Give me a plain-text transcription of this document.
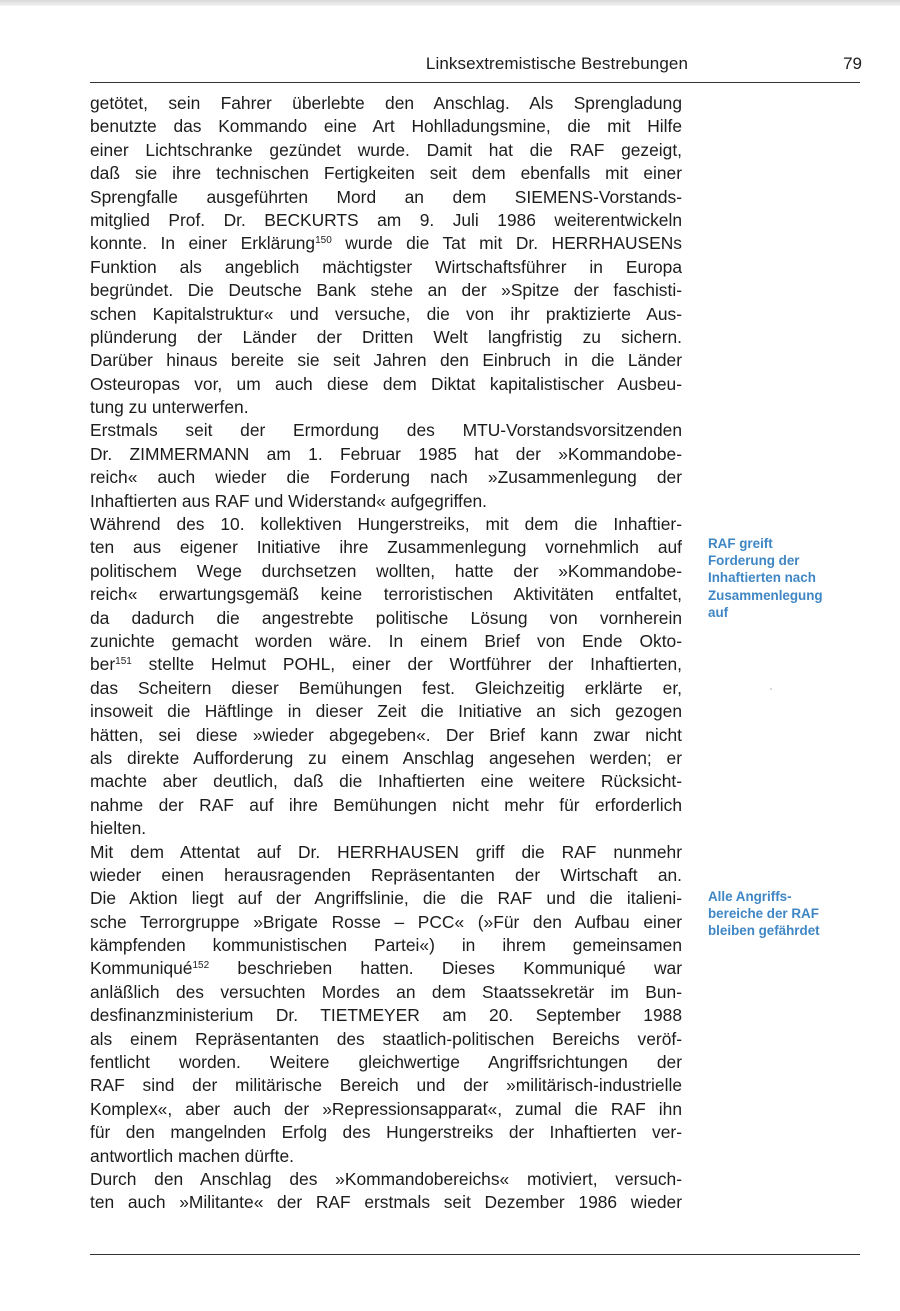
Linksextremistische Bestrebungen	79
getötet, sein Fahrer überlebte den Anschlag. Als Sprengladung
benutzte das Kommando eine Art Hohlladungsmine, die mit Hilfe
einer Lichtschranke gezündet wurde. Damit hat die RAF gezeigt,
daß sie ihre technischen Fertigkeiten seit dem ebenfalls mit einer
Sprengfalle ausgeführten Mord an dem SIEMENS-Vorstands-
mitglied Prof. Dr. BECKURTS am 9. Juli 1986 weiterentwickeln
konnte. In einer Erklärung$^{150}$ wurde die Tat mit Dr. HERRHAUSENs
Funktion als angeblich mächtigster Wirtschaftsführer in Europa
begründet. Die Deutsche Bank stehe an der »Spitze der faschisti-
schen Kapitalstruktur« und versuche, die von ihr praktizierte Aus-
plünderung der Länder der Dritten Welt langfristig zu sichern.
Darüber hinaus bereite sie seit Jahren den Einbruch in die Länder
Osteuropas vor, um auch diese dem Diktat kapitalistischer Ausbeu-
tung zu unterwerfen.
Erstmals seit der Ermordung des MTU-Vorstandsvorsitzenden
Dr. ZIMMERMANN am 1. Februar 1985 hat der »Kommandobe-
reich« auch wieder die Forderung nach »Zusammenlegung der
Inhaftierten aus RAF und Widerstand« aufgegriffen.
Während des 10. kollektiven Hungerstreiks, mit dem die Inhaftier-
ten aus eigener Initiative ihre Zusammenlegung vornehmlich auf
politischem Wege durchsetzen wollten, hatte der »Kommandobe-
reich« erwartungsgemäß keine terroristischen Aktivitäten entfaltet,
da dadurch die angestrebte politische Lösung von vornherein
zunichte gemacht worden wäre. In einem Brief von Ende Okto-
ber$^{151}$ stellte Helmut POHL, einer der Wortführer der Inhaftierten,
das Scheitern dieser Bemühungen fest. Gleichzeitig erklärte er,
insoweit die Häftlinge in dieser Zeit die Initiative an sich gezogen
hätten, sei diese »wieder abgegeben«. Der Brief kann zwar nicht
als direkte Aufforderung zu einem Anschlag angesehen werden; er
machte aber deutlich, daß die Inhaftierten eine weitere Rücksicht-
nahme der RAF auf ihre Bemühungen nicht mehr für erforderlich
hielten.
Mit dem Attentat auf Dr. HERRHAUSEN griff die RAF nunmehr
wieder einen herausragenden Repräsentanten der Wirtschaft an.
Die Aktion liegt auf der Angriffslinie, die die RAF und die italieni-
sche Terrorgruppe »Brigate Rosse – PCC« (»Für den Aufbau einer
kämpfenden kommunistischen Partei«) in ihrem gemeinsamen
Kommuniqué$^{152}$ beschrieben hatten. Dieses Kommuniqué war
anläßlich des versuchten Mordes an dem Staatssekretär im Bun-
desfinanzministerium Dr. TIETMEYER am 20. September 1988
als einem Repräsentanten des staatlich-politischen Bereichs veröf-
fentlicht worden. Weitere gleichwertige Angriffsrichtungen der
RAF sind der militärische Bereich und der »militärisch-industrielle
Komplex«, aber auch der »Repressionsapparat«, zumal die RAF ihn
für den mangelnden Erfolg des Hungerstreiks der Inhaftierten ver-
antwortlich machen dürfte.
Durch den Anschlag des »Kommandobereichs« motiviert, versuch-
ten auch »Militante« der RAF erstmals seit Dezember 1986 wieder
RAF greift
Forderung der
Inhaftierten nach
Zusammenlegung
auf
Alle Angriffs-
bereiche der RAF
bleiben gefährdet
